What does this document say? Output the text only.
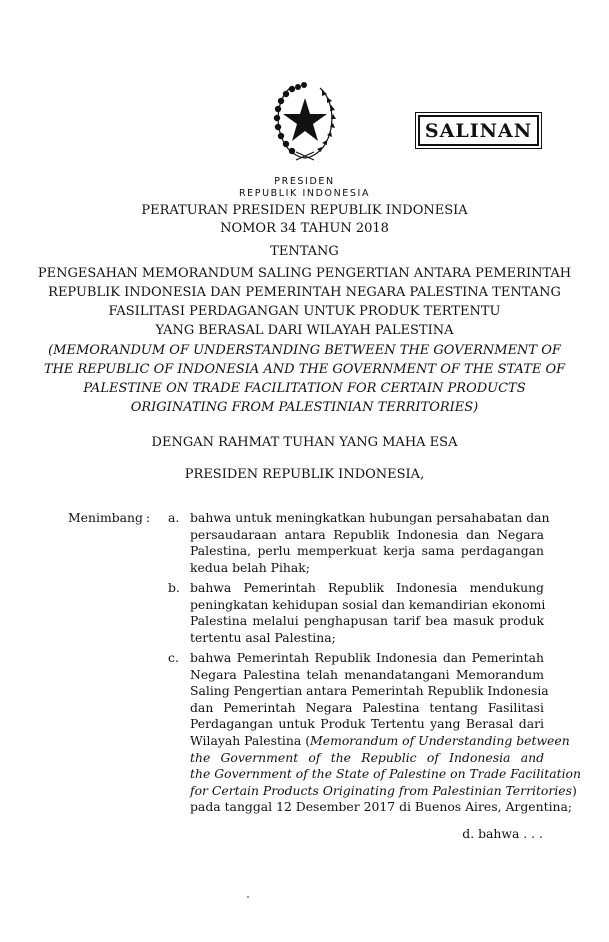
SALINAN
PRESIDEN
REPUBLIK INDONESIA
PERATURAN PRESIDEN REPUBLIK INDONESIA
NOMOR 34 TAHUN 2018
TENTANG
PENGESAHAN MEMORANDUM SALING PENGERTIAN ANTARA PEMERINTAH
REPUBLIK INDONESIA DAN PEMERINTAH NEGARA PALESTINA TENTANG
FASILITASI PERDAGANGAN UNTUK PRODUK TERTENTU
YANG BERASAL DARI WILAYAH PALESTINA
(MEMORANDUM OF UNDERSTANDING BETWEEN THE GOVERNMENT OF
THE REPUBLIC OF INDONESIA AND THE GOVERNMENT OF THE STATE OF
PALESTINE ON TRADE FACILITATION FOR CERTAIN PRODUCTS
ORIGINATING FROM PALESTINIAN TERRITORIES)
DENGAN RAHMAT TUHAN YANG MAHA ESA
PRESIDEN REPUBLIK INDONESIA,
Menimbang : a. bahwa untuk meningkatkan hubungan persahabatan dan
persaudaraan antara Republik Indonesia dan Negara
Palestina, perlu memperkuat kerja sama perdagangan
kedua belah Pihak;
b. bahwa Pemerintah Republik Indonesia mendukung
peningkatan kehidupan sosial dan kemandirian ekonomi
Palestina melalui penghapusan tarif bea masuk produk
tertentu asal Palestina;
c. bahwa Pemerintah Republik Indonesia dan Pemerintah
Negara Palestina telah menandatangani Memorandum
Saling Pengertian antara Pemerintah Republik Indonesia
dan Pemerintah Negara Palestina tentang Fasilitasi
Perdagangan untuk Produk Tertentu yang Berasal dari
Wilayah Palestina (Memorandum of Understanding between
the Government of the Republic of Indonesia and
the Government of the State of Palestine on Trade Facilitation
for Certain Products Originating from Palestinian Territories)
pada tanggal 12 Desember 2017 di Buenos Aires, Argentina;
d. bahwa . . .
